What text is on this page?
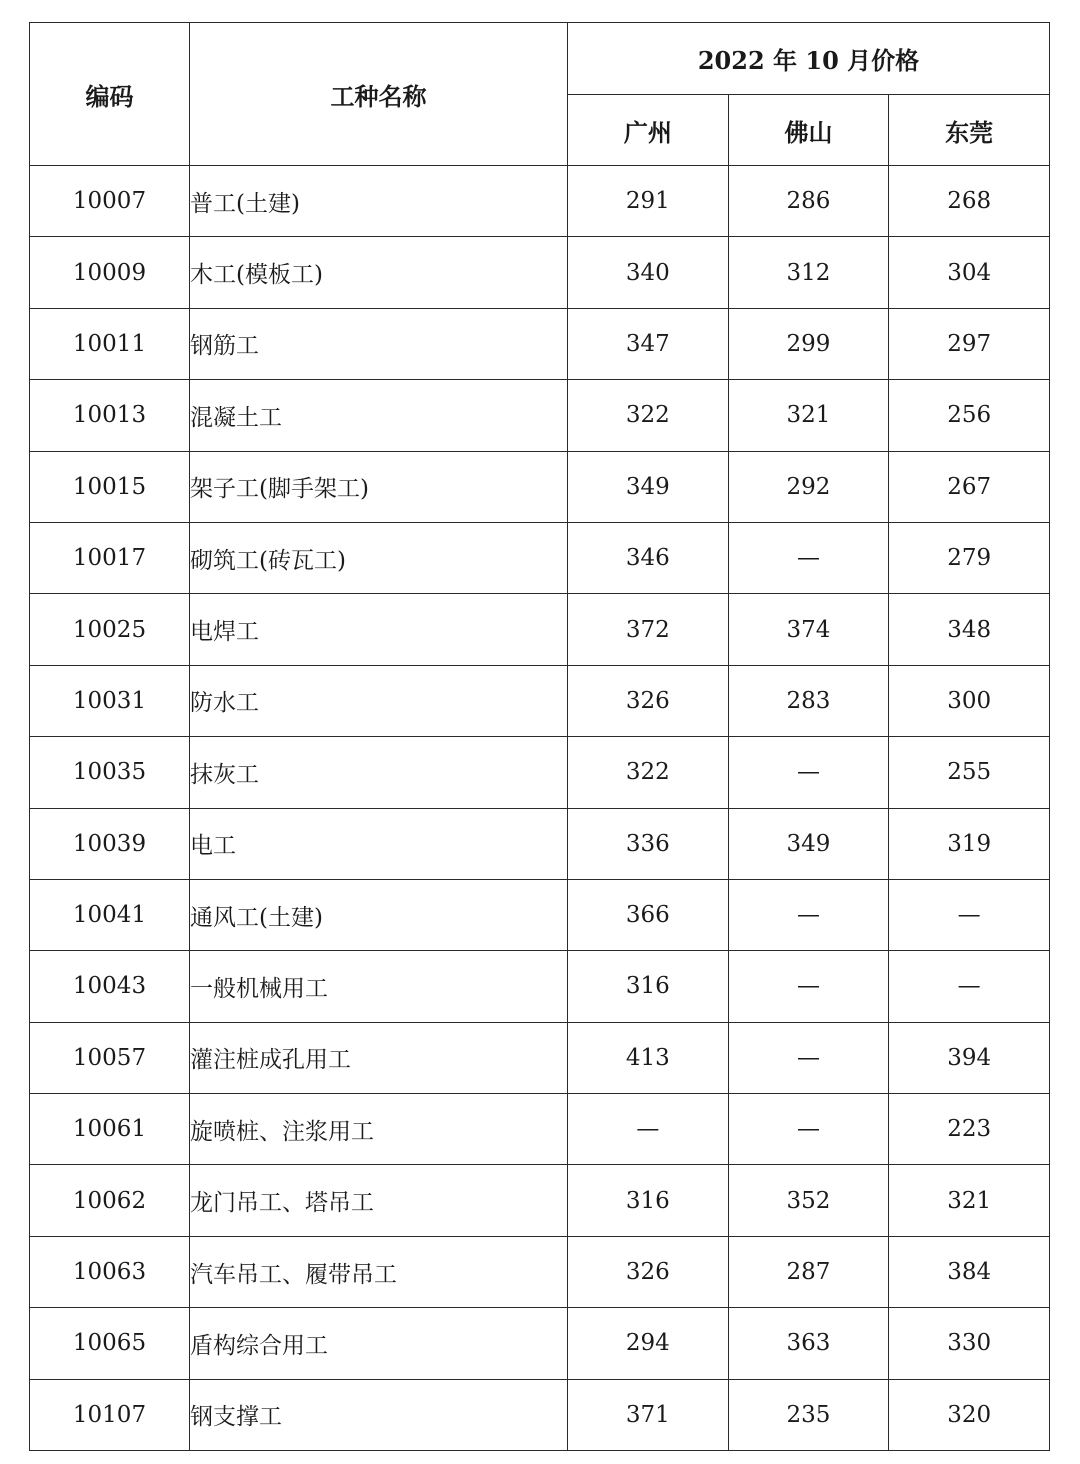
编码	工种名称	2022 年 10 月价格		
		广州	佛山	东莞
10007	普工(土建)	291	286	268
10009	木工(模板工)	340	312	304
10011	钢筋工	347	299	297
10013	混凝土工	322	321	256
10015	架子工(脚手架工)	349	292	267
10017	砌筑工(砖瓦工)	346	—	279
10025	电焊工	372	374	348
10031	防水工	326	283	300
10035	抹灰工	322	—	255
10039	电工	336	349	319
10041	通风工(土建)	366	—	—
10043	一般机械用工	316	—	—
10057	灌注桩成孔用工	413	—	394
10061	旋喷桩、注浆用工	—	—	223
10062	龙门吊工、塔吊工	316	352	321
10063	汽车吊工、履带吊工	326	287	384
10065	盾构综合用工	294	363	330
10107	钢支撑工	371	235	320
